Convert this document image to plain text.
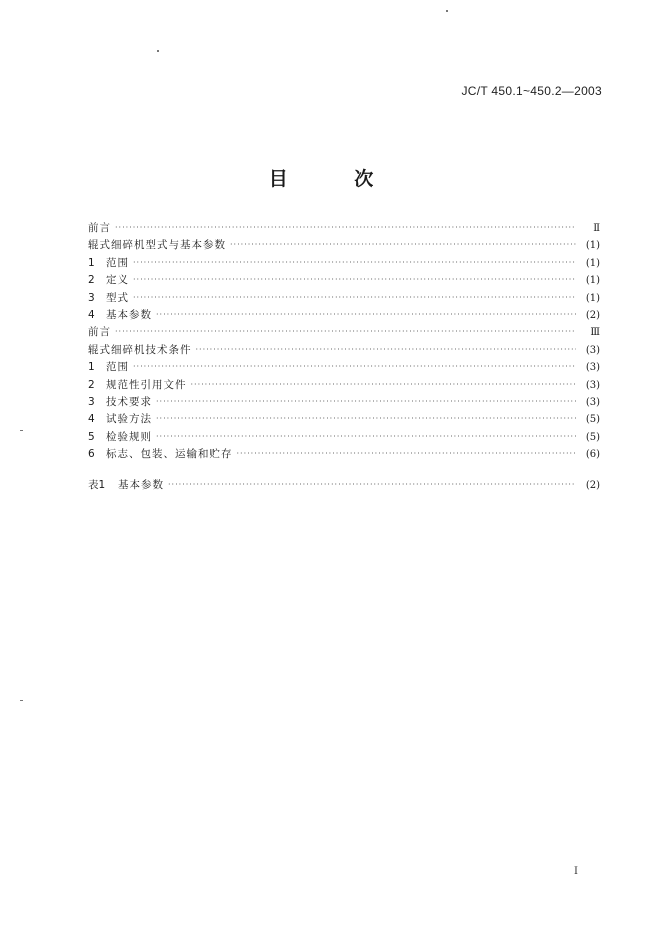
JC/T 450.1~450.2—2003
目 次
前言 ·····	Ⅱ
辊式细碎机型式与基本参数 ·····	(1)
1	范围 ·····	(1)
2	定义 ·····	(1)
3	型式 ·····	(1)
4	基本参数 ·····	(2)
前言 ·····	Ⅲ
辊式细碎机技术条件 ·····	(3)
1	范围 ·····	(3)
2	规范性引用文件 ·····	(3)
3	技术要求 ·····	(3)
4	试验方法 ·····	(5)
5	检验规则 ·····	(5)
6	标志、包装、运输和贮存 ·····	(6)
表1	基本参数 ·····	(2)
Ⅰ
